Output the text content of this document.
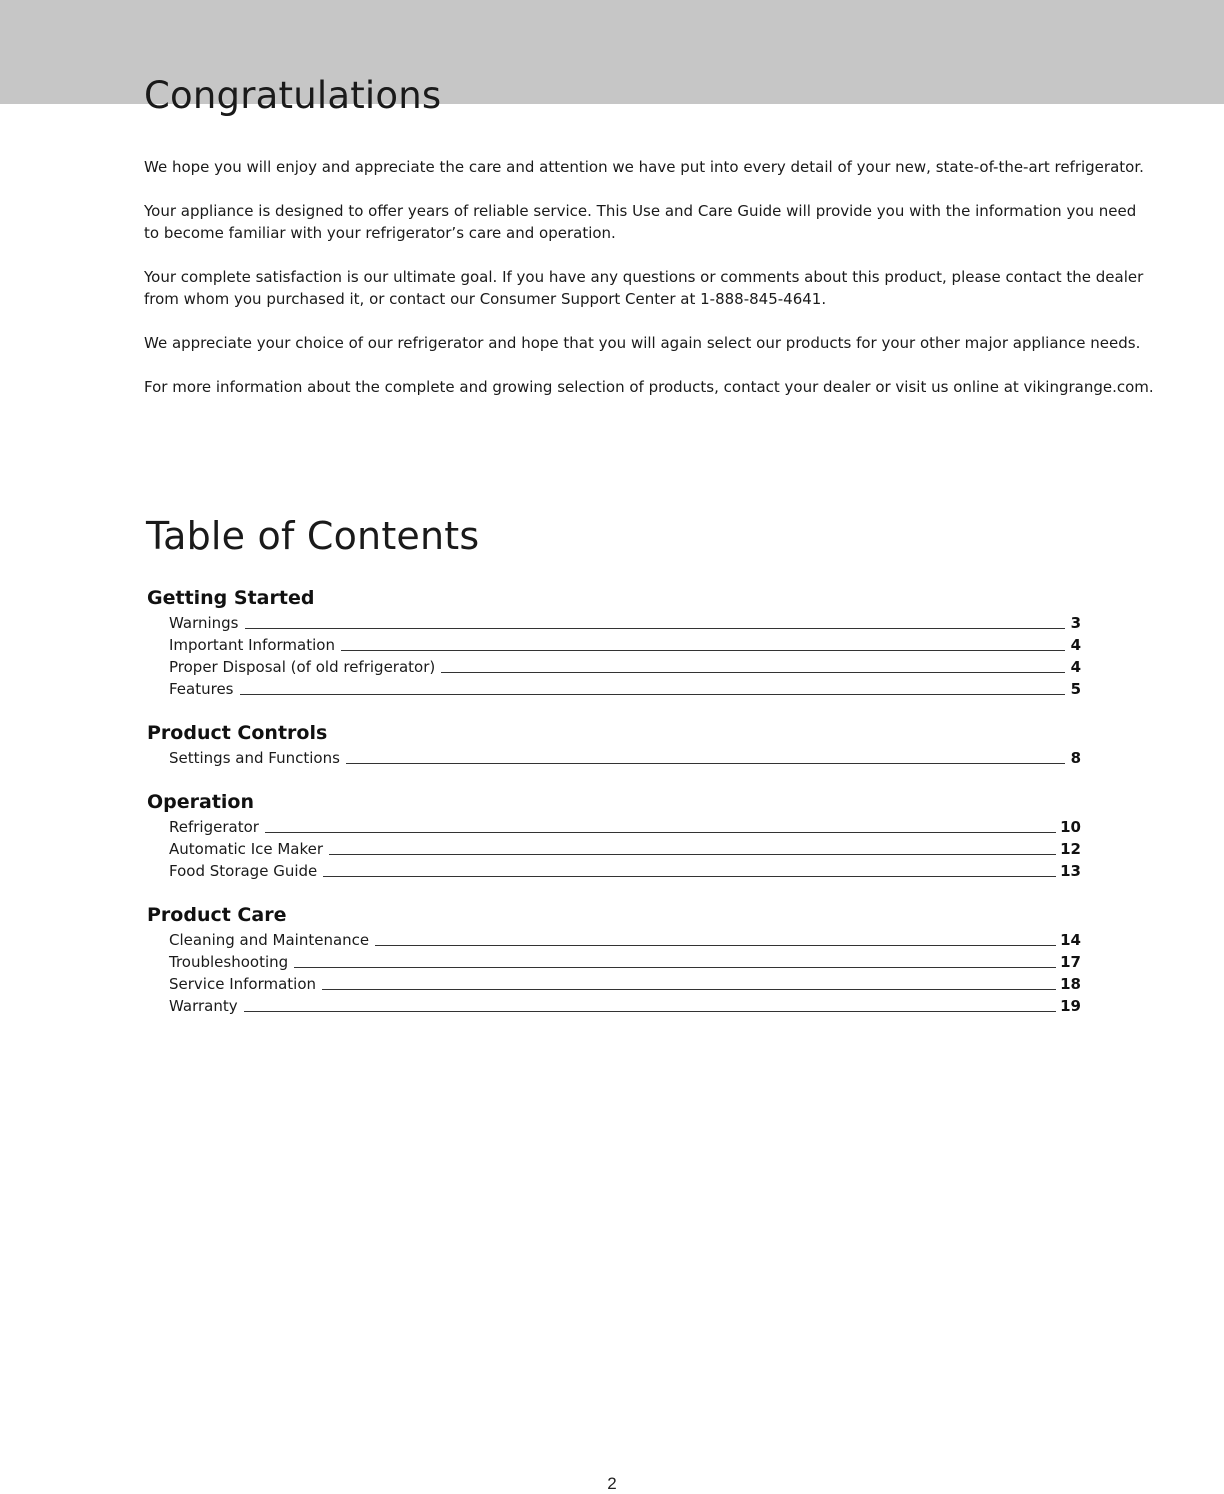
Congratulations

We hope you will enjoy and appreciate the care and attention we have put into every detail of your new, state-of-the-art refrigerator.

Your appliance is designed to offer years of reliable service. This Use and Care Guide will provide you with the information you need to become familiar with your refrigerator’s care and operation.

Your complete satisfaction is our ultimate goal. If you have any questions or comments about this product, please contact the dealer from whom you purchased it, or contact our Consumer Support Center at 1-888-845-4641.

We appreciate your choice of our refrigerator and hope that you will again select our products for your other major appliance needs.

For more information about the complete and growing selection of products, contact your dealer or visit us online at vikingrange.com.

Table of Contents
Getting Started
Warnings	3
Important Information	4
Proper Disposal (of old refrigerator)	4
Features	5
Product Controls
Settings and Functions	8
Operation
Refrigerator	10
Automatic Ice Maker	12
Food Storage Guide	13
Product Care
Cleaning and Maintenance	14
Troubleshooting	17
Service Information	18
Warranty	19
2
